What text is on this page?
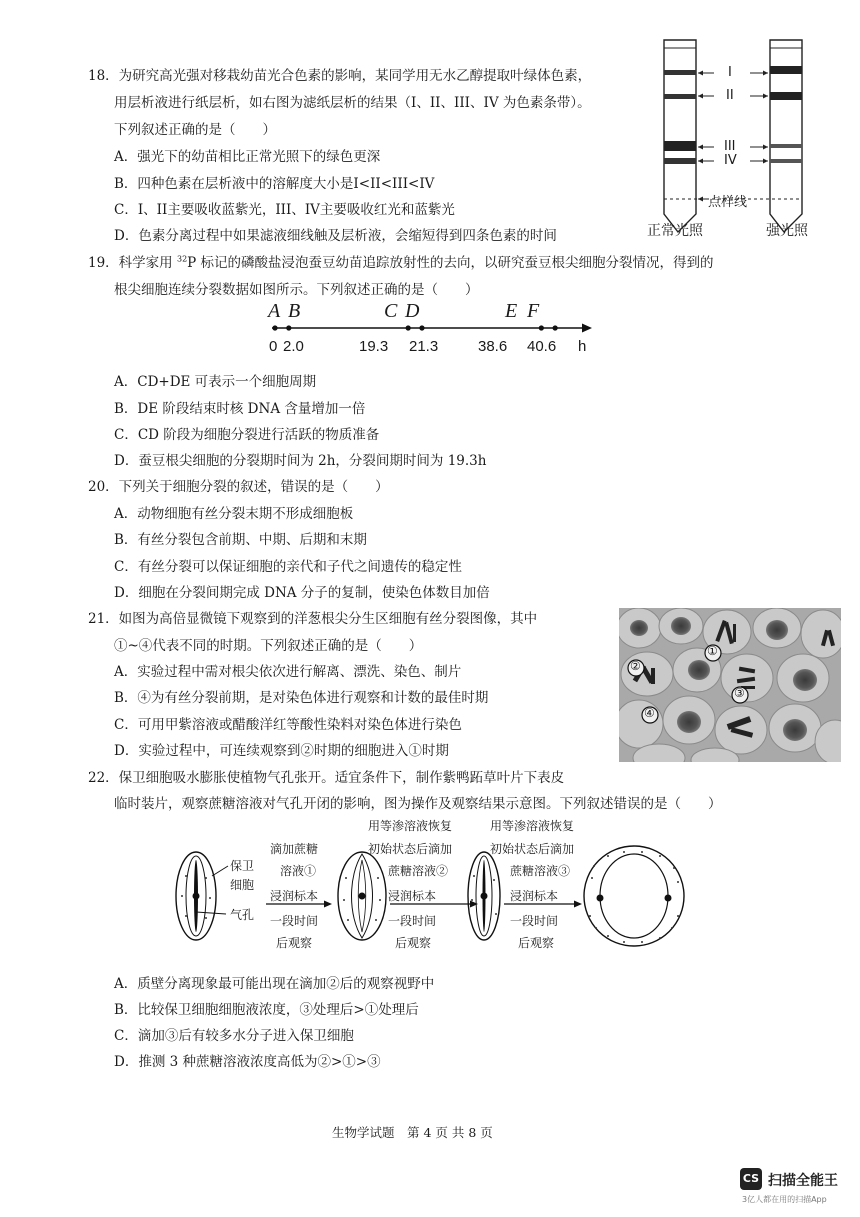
18．为研究高光强对移栽幼苗光合色素的影响，某同学用无水乙醇提取叶绿体色素，
用层析液进行纸层析，如右图为滤纸层析的结果（I、II、III、IV 为色素条带）。
下列叙述正确的是（　　）
A．强光下的幼苗相比正常光照下的绿色更深
B．四种色素在层析液中的溶解度大小是I<II<III<IV
C．I、II主要吸收蓝紫光，III、IV主要吸收红光和蓝紫光
D．色素分离过程中如果滤液细线触及层析液，会缩短得到四条色素的时间
I
II
III
IV
点样线
正常光照	强光照
19．科学家用 $^{32}$P 标记的磷酸盐浸泡蚕豆幼苗追踪放射性的去向，以研究蚕豆根尖细胞分裂情况，得到的
根尖细胞连续分裂数据如图所示。下列叙述正确的是（　　）
A B	C D	E F
0 2.0	19.3 21.3	38.6 40.6 h
A．CD+DE 可表示一个细胞周期
B．DE 阶段结束时核 DNA 含量增加一倍
C．CD 阶段为细胞分裂进行活跃的物质准备
D．蚕豆根尖细胞的分裂期时间为 2h，分裂间期时间为 19.3h
20．下列关于细胞分裂的叙述，错误的是（　　）
A．动物细胞有丝分裂末期不形成细胞板
B．有丝分裂包含前期、中期、后期和末期
C．有丝分裂可以保证细胞的亲代和子代之间遗传的稳定性
D．细胞在分裂间期完成 DNA 分子的复制，使染色体数目加倍
21．如图为高倍显微镜下观察到的洋葱根尖分生区细胞有丝分裂图像，其中
①~④代表不同的时期。下列叙述正确的是（　　）
A．实验过程中需对根尖依次进行解离、漂洗、染色、制片
B．④为有丝分裂前期，是对染色体进行观察和计数的最佳时期
C．可用甲紫溶液或醋酸洋红等酸性染料对染色体进行染色
D．实验过程中，可连续观察到②时期的细胞进入①时期
①
②
③
④
22．保卫细胞吸水膨胀使植物气孔张开。适宜条件下，制作紫鸭跖草叶片下表皮
临时装片，观察蔗糖溶液对气孔开闭的影响，图为操作及观察结果示意图。下列叙述错误的是（　　）
保卫
细胞
气孔
滴加蔗糖
溶液①
浸润标本
一段时间
后观察
用等渗溶液恢复
初始状态后滴加
蔗糖溶液②
浸润标本
一段时间
后观察
用等渗溶液恢复
初始状态后滴加
蔗糖溶液③
浸润标本
一段时间
后观察
A．质壁分离现象最可能出现在滴加②后的观察视野中
B．比较保卫细胞细胞液浓度，③处理后>①处理后
C．滴加③后有较多水分子进入保卫细胞
D．推测 3 种蔗糖溶液浓度高低为②>①>③
生物学试题　第 4 页 共 8 页
CS 扫描全能王
3亿人都在用的扫描App
